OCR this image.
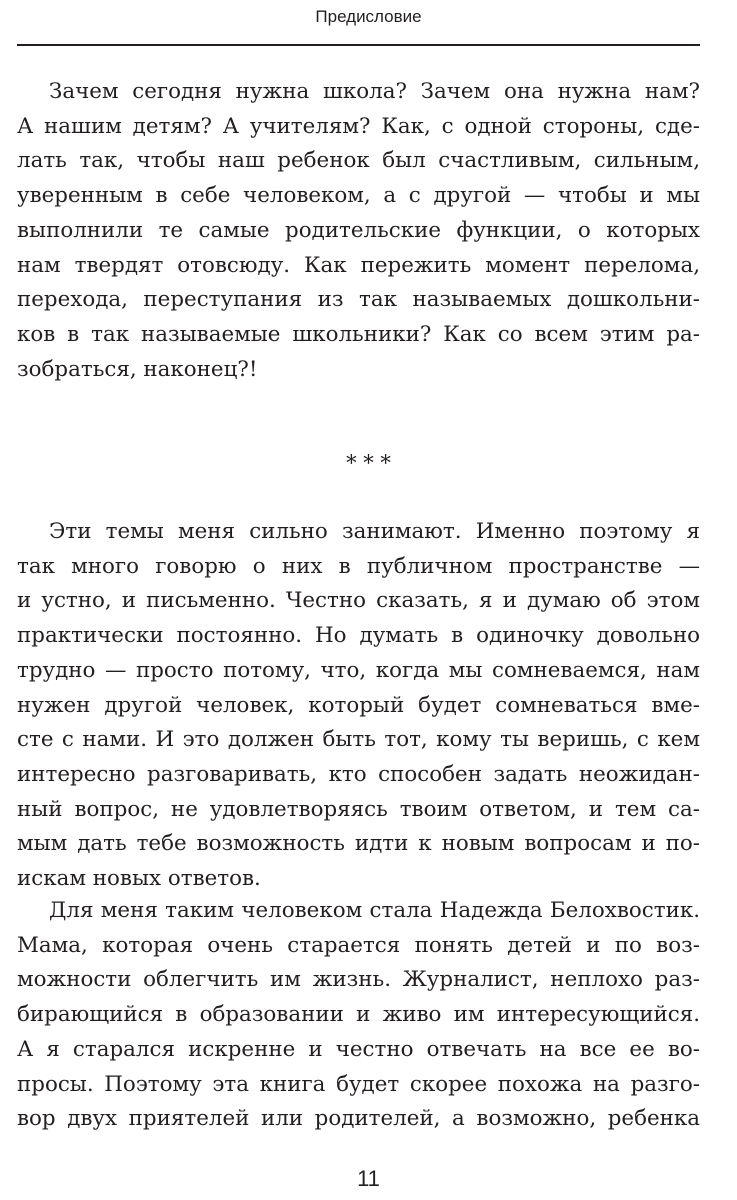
Предисловие
Зачем сегодня нужна школа? Зачем она нужна нам?
А нашим детям? А учителям? Как, с одной стороны, сде-
лать так, чтобы наш ребенок был счастливым, сильным,
уверенным в себе человеком, а с другой — чтобы и мы
выполнили те самые родительские функции, о которых
нам твердят отовсюду. Как пережить момент перелома,
перехода, переступания из так называемых дошкольни-
ков в так называемые школьники? Как со всем этим ра-
зобраться, наконец?!
* * *
Эти темы меня сильно занимают. Именно поэтому я
так много говорю о них в публичном пространстве —
и устно, и письменно. Честно сказать, я и думаю об этом
практически постоянно. Но думать в одиночку довольно
трудно — просто потому, что, когда мы сомневаемся, нам
нужен другой человек, который будет сомневаться вме-
сте с нами. И это должен быть тот, кому ты веришь, с кем
интересно разговаривать, кто способен задать неожидан-
ный вопрос, не удовлетворяясь твоим ответом, и тем са-
мым дать тебе возможность идти к новым вопросам и по-
искам новых ответов.
Для меня таким человеком стала Надежда Белохвостик.
Мама, которая очень старается понять детей и по воз-
можности облегчить им жизнь. Журналист, неплохо раз-
бирающийся в образовании и живо им интересующийся.
А я старался искренне и честно отвечать на все ее во-
просы. Поэтому эта книга будет скорее похожа на разго-
вор двух приятелей или родителей, а возможно, ребенка
11
